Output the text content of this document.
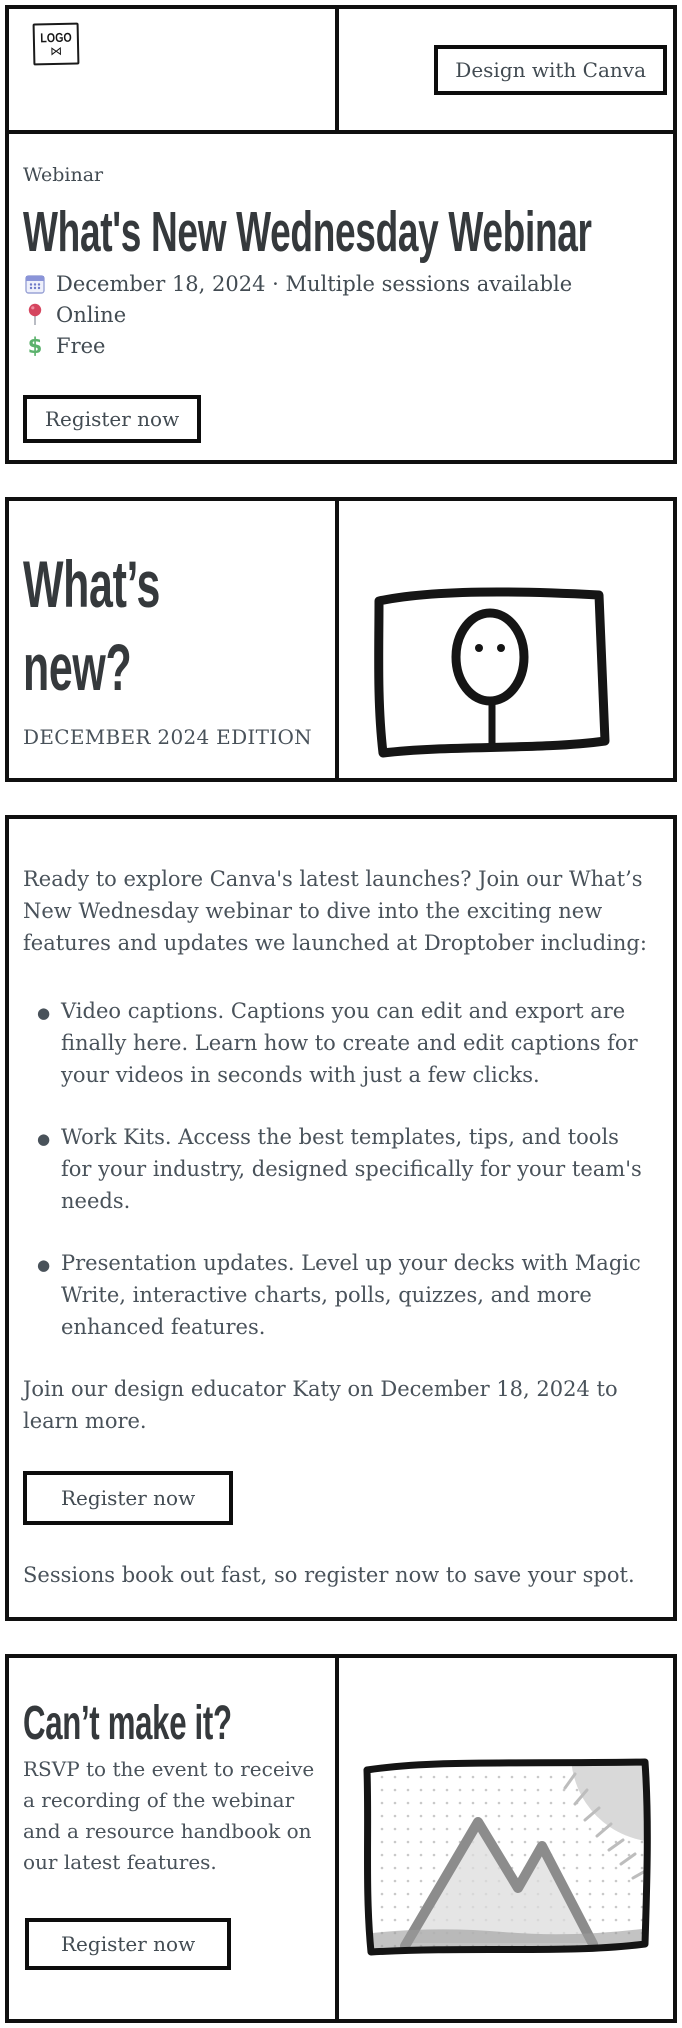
LOGO
⋈
Design with Canva
Webinar
What's New Wednesday Webinar
December 18, 2024 · Multiple sessions available
Online
$ Free
Register now
What’s
new?
DECEMBER 2024 EDITION

Ready to explore Canva's latest launches? Join our What’s New Wednesday webinar to dive into the exciting new features and updates we launched at Droptober including:

● Video captions. Captions you can edit and export are finally here. Learn how to create and edit captions for your videos in seconds with just a few clicks.
● Work Kits. Access the best templates, tips, and tools for your industry, designed specifically for your team's needs.
● Presentation updates. Level up your decks with Magic Write, interactive charts, polls, quizzes, and more enhanced features.

Join our design educator Katy on December 18, 2024 to learn more.

Register now

Sessions book out fast, so register now to save your spot.

Can’t make it?

RSVP to the event to receive a recording of the webinar and a resource handbook on our latest features.

Register now
